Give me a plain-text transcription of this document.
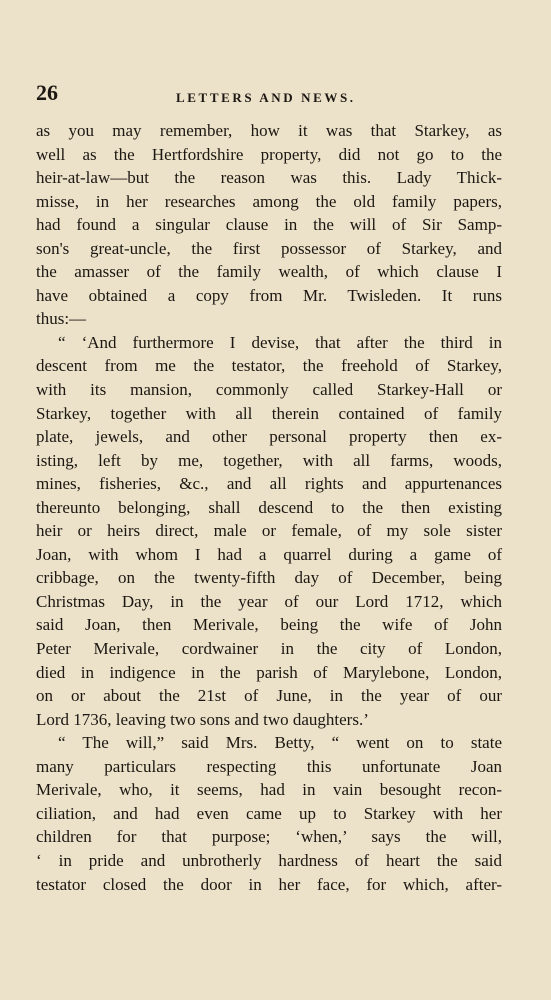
26	LETTERS AND NEWS.
as you may remember, how it was that Starkey, as
well as the Hertfordshire property, did not go to the
heir-at-law—but the reason was this. Lady Thick-
misse, in her researches among the old family papers,
had found a singular clause in the will of Sir Samp-
son's great-uncle, the first possessor of Starkey, and
the amasser of the family wealth, of which clause I
have obtained a copy from Mr. Twisleden. It runs
thus:—
“ ‘And furthermore I devise, that after the third in
descent from me the testator, the freehold of Starkey,
with its mansion, commonly called Starkey-Hall or
Starkey, together with all therein contained of family
plate, jewels, and other personal property then ex-
isting, left by me, together, with all farms, woods,
mines, fisheries, &c., and all rights and appurtenances
thereunto belonging, shall descend to the then existing
heir or heirs direct, male or female, of my sole sister
Joan, with whom I had a quarrel during a game of
cribbage, on the twenty-fifth day of December, being
Christmas Day, in the year of our Lord 1712, which
said Joan, then Merivale, being the wife of John
Peter Merivale, cordwainer in the city of London,
died in indigence in the parish of Marylebone, London,
on or about the 21st of June, in the year of our
Lord 1736, leaving two sons and two daughters.’
“ The will,” said Mrs. Betty, “ went on to state
many particulars respecting this unfortunate Joan
Merivale, who, it seems, had in vain besought recon-
ciliation, and had even came up to Starkey with her
children for that purpose; ‘when,’ says the will,
‘ in pride and unbrotherly hardness of heart the said
testator closed the door in her face, for which, after-
